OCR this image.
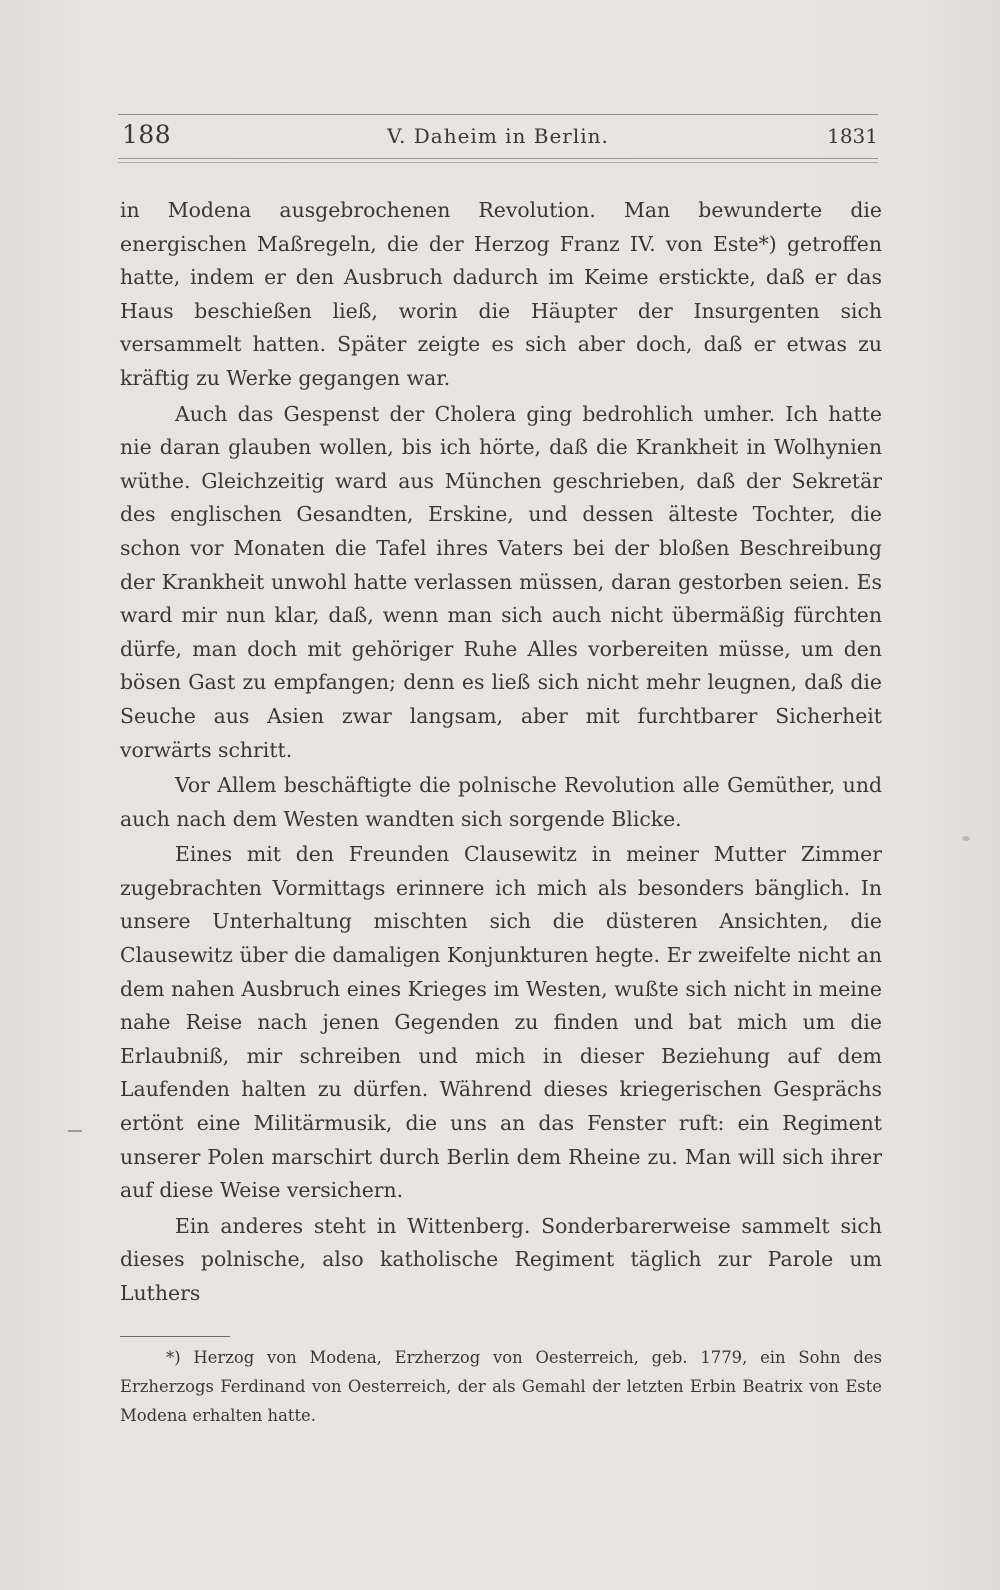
188	V. Daheim in Berlin.	1831

in Modena ausgebrochenen Revolution. Man bewunderte die energischen Maßregeln, die der Herzog Franz IV. von Este*) getroffen hatte, indem er den Ausbruch dadurch im Keime erstickte, daß er das Haus beschießen ließ, worin die Häupter der Insurgenten sich versammelt hatten. Später zeigte es sich aber doch, daß er etwas zu kräftig zu Werke gegangen war.

Auch das Gespenst der Cholera ging bedrohlich umher. Ich hatte nie daran glauben wollen, bis ich hörte, daß die Krankheit in Wolhynien wüthe. Gleichzeitig ward aus München geschrieben, daß der Sekretär des englischen Gesandten, Erskine, und dessen älteste Tochter, die schon vor Monaten die Tafel ihres Vaters bei der bloßen Beschreibung der Krankheit unwohl hatte verlassen müssen, daran gestorben seien. Es ward mir nun klar, daß, wenn man sich auch nicht übermäßig fürchten dürfe, man doch mit gehöriger Ruhe Alles vorbereiten müsse, um den bösen Gast zu empfangen; denn es ließ sich nicht mehr leugnen, daß die Seuche aus Asien zwar langsam, aber mit furchtbarer Sicherheit vorwärts schritt.

Vor Allem beschäftigte die polnische Revolution alle Gemüther, und auch nach dem Westen wandten sich sorgende Blicke.

Eines mit den Freunden Clausewitz in meiner Mutter Zimmer zugebrachten Vormittags erinnere ich mich als besonders bänglich. In unsere Unterhaltung mischten sich die düsteren Ansichten, die Clausewitz über die damaligen Konjunkturen hegte. Er zweifelte nicht an dem nahen Ausbruch eines Krieges im Westen, wußte sich nicht in meine nahe Reise nach jenen Gegenden zu finden und bat mich um die Erlaubniß, mir schreiben und mich in dieser Beziehung auf dem Laufenden halten zu dürfen. Während dieses kriegerischen Gesprächs ertönt eine Militärmusik, die uns an das Fenster ruft: ein Regiment unserer Polen marschirt durch Berlin dem Rheine zu. Man will sich ihrer auf diese Weise versichern.

Ein anderes steht in Wittenberg. Sonderbarerweise sammelt sich dieses polnische, also katholische Regiment täglich zur Parole um Luthers

*) Herzog von Modena, Erzherzog von Oesterreich, geb. 1779, ein Sohn des Erzherzogs Ferdinand von Oesterreich, der als Gemahl der letzten Erbin Beatrix von Este Modena erhalten hatte.
